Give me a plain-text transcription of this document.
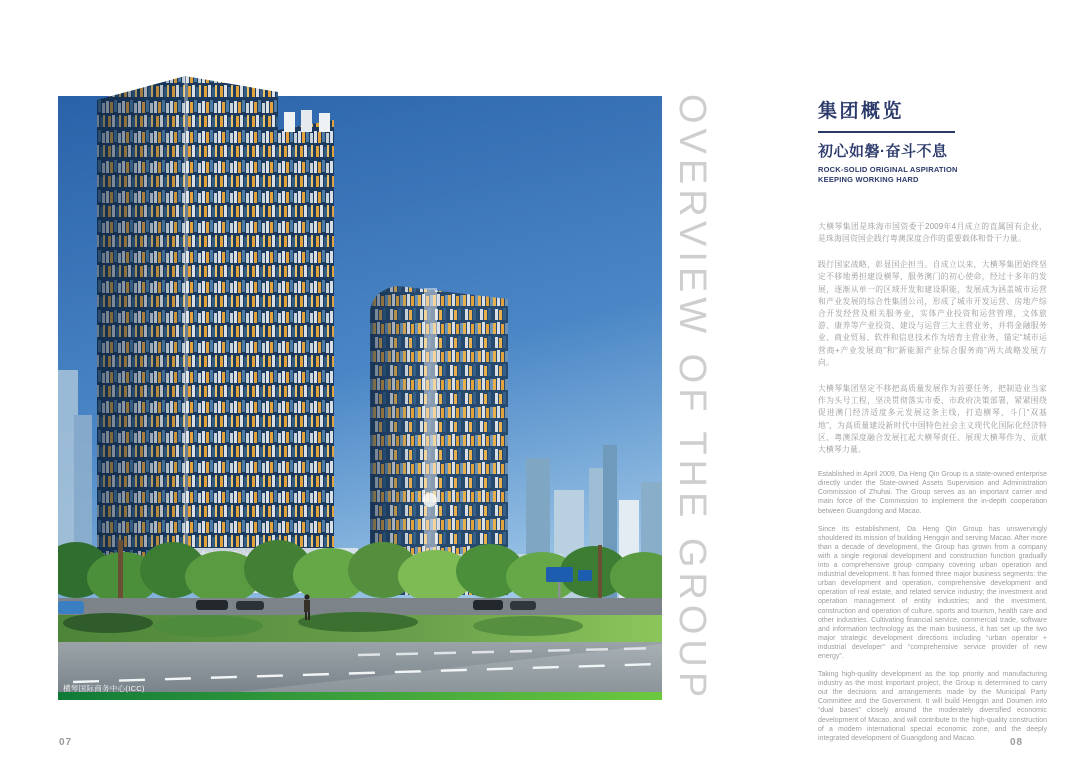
横琴国际商务中心(ICC)	OVERVIEW OF THE GROUP	集团概览
初心如磐·奋斗不息
ROCK-SOLID ORIGINAL ASPIRATION
KEEPING WORKING HARD

大横琴集团是珠海市国资委于2009年4月成立的直属国有企业，是珠海国资国企践行粤澳深度合作的重要载体和骨干力量。

践行国家战略，彰显国企担当。自成立以来，大横琴集团始终坚定不移地勇担建设横琴、服务澳门的初心使命，经过十多年的发展，逐渐从单一的区域开发和建设职能，发展成为涵盖城市运营和产业发展的综合性集团公司，形成了城市开发运营、房地产综合开发经营及相关服务业，实体产业投资和运营管理，文体旅游、康养等产业投资、建设与运营三大主营业务，并将金融服务业、商业贸易、软件和信息技术作为培育主营业务，锚定“城市运营商+产业发展商”和“新能源产业综合服务商”两大战略发展方向。

大横琴集团坚定不移把高质量发展作为首要任务，把制造业当家作为头号工程，坚决贯彻落实市委、市政府决策部署，紧紧围绕促进澳门经济适度多元发展这条主线，打造横琴、斗门“双基地”，为高质量建设新时代中国特色社会主义现代化国际化经济特区、粤澳深度融合发展扛起大横琴责任、展现大横琴作为、贡献大横琴力量。

Established in April 2009, Da Heng Qin Group is a state-owned enterprise directly under the State-owned Assets Supervision and Administration Commission of Zhuhai. The Group serves as an important carrier and main force of the Commission to implement the in-depth cooperation between Guangdong and Macao.

Since its establishment, Da Heng Qin Group has unswervingly shouldered its mission of building Hengqin and serving Macao. After more than a decade of development, the Group has grown from a company with a single regional development and construction function gradually into a comprehensive group company covering urban operation and industrial development. It has formed three major business segments: the urban development and operation, comprehensive development and operation of real estate, and related service industry; the investment and operation management of entity industries; and the investment, construction and operation of culture, sports and tourism, health care and other industries. Cultivating financial service, commercial trade, software and information technology as the main business, it has set up the two major strategic development directions including “urban operator + industrial developer” and “comprehensive service provider of new energy”.

Taking high-quality development as the top priority and manufacturing industry as the most important project, the Group is determined to carry out the decisions and arrangements made by the Municipal Party Committee and the Government. It will build Hengqin and Doumen into “dual bases” closely around the moderately diversified economic development of Macao, and will contribute to the high-quality construction of a modern international special economic zone, and the deeply integrated development of Guangdong and Macao.

07	08
